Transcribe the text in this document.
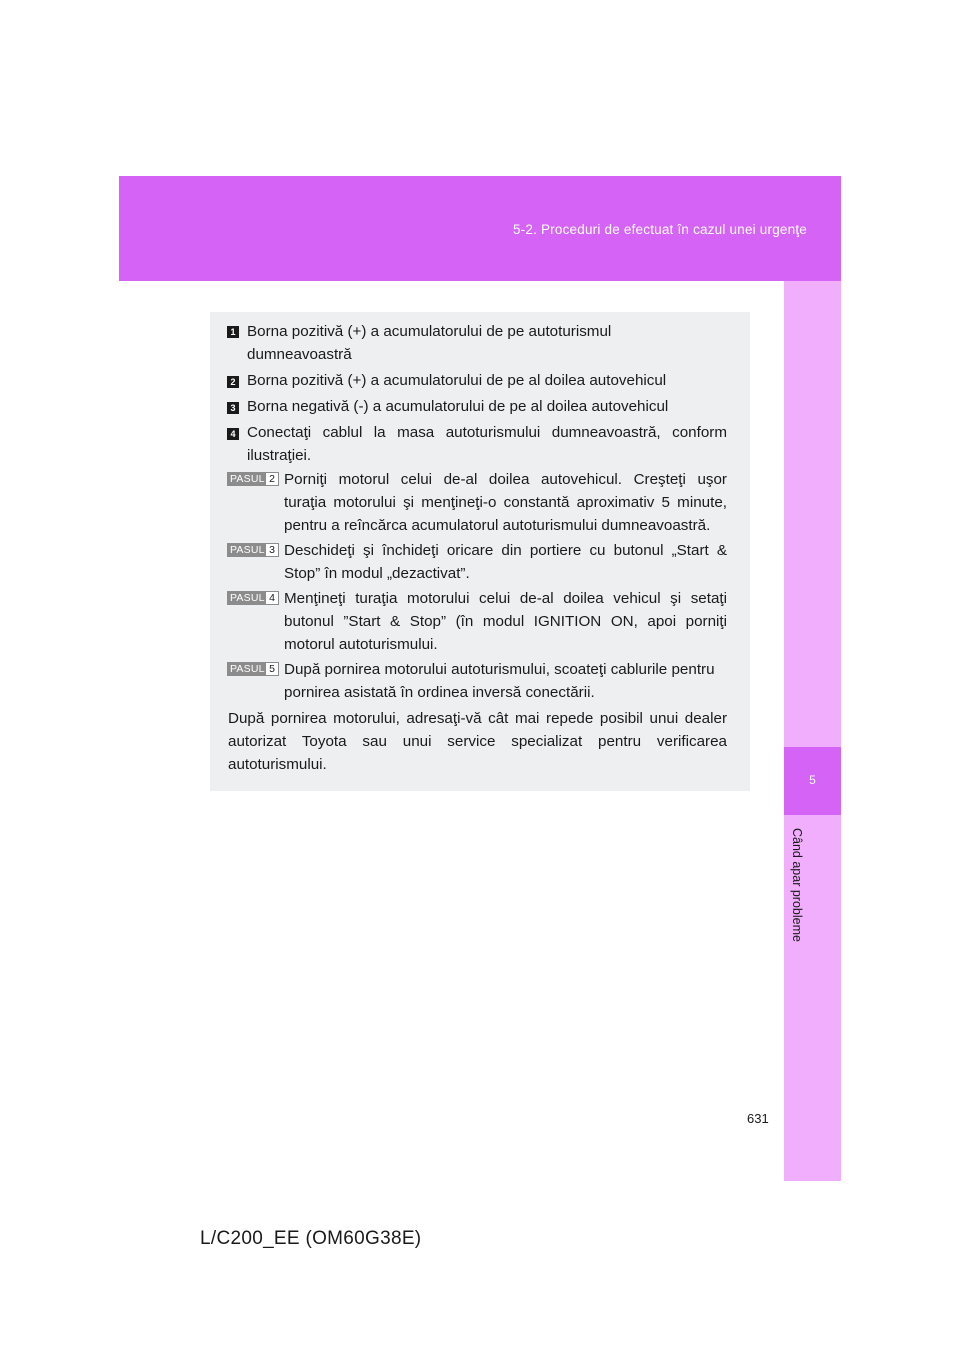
5-2. Proceduri de efectuat în cazul unei urgenţe
5
Când apar probleme
1 Borna pozitivă (+) a acumulatorului de pe autoturismul
dumneavoastră
2 Borna pozitivă (+) a acumulatorului de pe al doilea autovehicul
3 Borna negativă (-) a acumulatorului de pe al doilea autovehicul
4 Conectaţi cablul la masa autoturismului dumneavoastră, conform
ilustraţiei.
PASUL 2 Porniţi motorul celui de-al doilea autovehicul. Creşteţi uşor
turaţia motorului şi menţineţi-o constantă aproximativ 5 minute,
pentru a reîncărca acumulatorul autoturismului dumneavoastră.
PASUL 3 Deschideţi şi închideţi oricare din portiere cu butonul „Start &
Stop” în modul „dezactivat”.
PASUL 4 Menţineţi turaţia motorului celui de-al doilea vehicul şi setaţi
butonul ”Start & Stop” (în modul IGNITION ON, apoi porniţi
motorul autoturismului.
PASUL 5 După pornirea motorului autoturismului, scoateţi cablurile pentru
pornirea asistată în ordinea inversă conectării.
După pornirea motorului, adresaţi-vă cât mai repede posibil unui dealer
autorizat Toyota sau unui service specializat pentru verificarea
autoturismului.
631
L/C200_EE (OM60G38E)
